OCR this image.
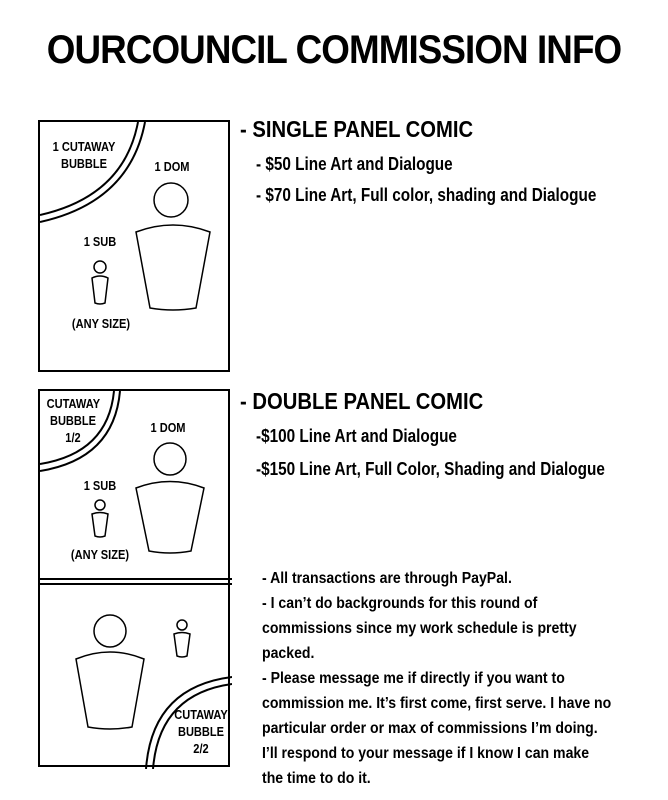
OURCOUNCIL COMMISSION INFO
1 CUTAWAY
BUBBLE	1 DOM
1 SUB
(ANY SIZE)
- SINGLE PANEL COMIC
- $50 Line Art and Dialogue
- $70 Line Art, Full color, shading and Dialogue
CUTAWAY
BUBBLE
1/2
1 DOM
1 SUB
(ANY SIZE)
CUTAWAY
BUBBLE
2/2
- DOUBLE PANEL COMIC
-$100 Line Art and Dialogue
-$150 Line Art, Full Color, Shading and Dialogue

- All transactions are through PayPal.

- I can’t do backgrounds for this round of commissions since my work schedule is pretty packed.

- Please message me if directly if you want to commission me. It’s first come, first serve. I have no particular order or max of commissions I’m doing. I’ll respond to your message if I know I can make the time to do it.
